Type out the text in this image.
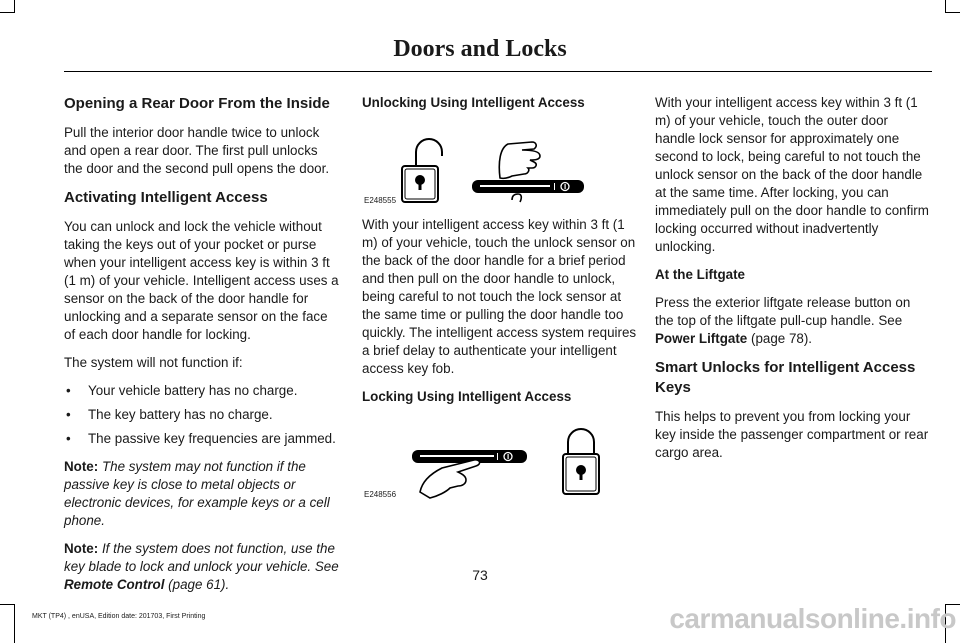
Doors and Locks
Opening a Rear Door From the Inside

Pull the interior door handle twice to unlock and open a rear door. The first pull unlocks the door and the second pull opens the door.

Activating Intelligent Access

You can unlock and lock the vehicle without taking the keys out of your pocket or purse when your intelligent access key is within 3 ft (1 m) of your vehicle. Intelligent access uses a sensor on the back of the door handle for unlocking and a separate sensor on the face of each door handle for locking.

The system will not function if:

• Your vehicle battery has no charge.
• The key battery has no charge.
• The passive key frequencies are jammed.

Note: The system may not function if the passive key is close to metal objects or electronic devices, for example keys or a cell phone.

Note: If the system does not function, use the key blade to lock and unlock your vehicle. See Remote Control (page 61).

Unlocking Using Intelligent Access
E248555

With your intelligent access key within 3 ft (1 m) of your vehicle, touch the unlock sensor on the back of the door handle for a brief period and then pull on the door handle to unlock, being careful to not touch the lock sensor at the same time or pulling the door handle too quickly. The intelligent access system requires a brief delay to authenticate your intelligent access key fob.

Locking Using Intelligent Access
E248556

With your intelligent access key within 3 ft (1 m) of your vehicle, touch the outer door handle lock sensor for approximately one second to lock, being careful to not touch the unlock sensor on the back of the door handle at the same time. After locking, you can immediately pull on the door handle to confirm locking occurred without inadvertently unlocking.

At the Liftgate

Press the exterior liftgate release button on the top of the liftgate pull-cup handle. See Power Liftgate (page 78).

Smart Unlocks for Intelligent Access Keys

This helps to prevent you from locking your key inside the passenger compartment or rear cargo area.

73
MKT (TP4) , enUSA, Edition date: 201703, First Printing	carmanualsonline.info
